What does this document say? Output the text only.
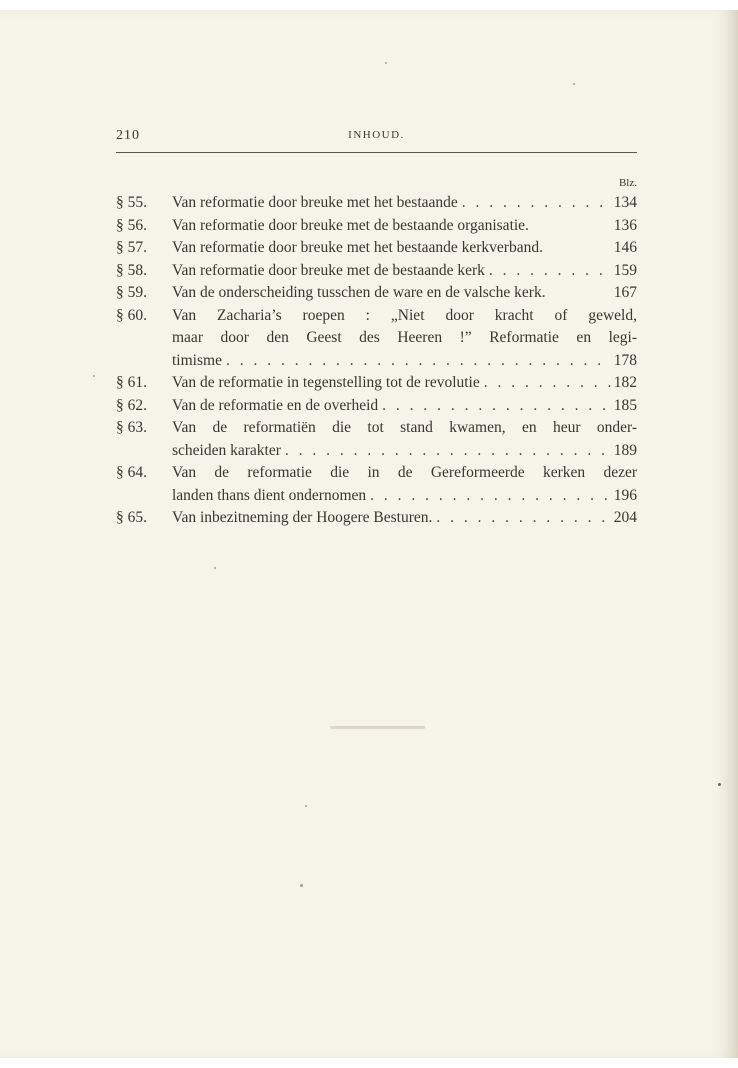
210	INHOUD.
Blz.
§ 55.	Van reformatie door breuke met het bestaande . . .	134
§ 56.	Van reformatie door breuke met de bestaande organisatie.	136
§ 57.	Van reformatie door breuke met het bestaande kerkverband.	146
§ 58.	Van reformatie door breuke met de bestaande kerk . . .	159
§ 59.	Van de onderscheiding tusschen de ware en de valsche kerk.	167
§ 60.	Van Zacharia’s roepen : „Niet door kracht of geweld,
maar door den Geest des Heeren !” Reformatie en legi-
timisme . . .	178
§ 61.	Van de reformatie in tegenstelling tot de revolutie . . .	182
§ 62.	Van de reformatie en de overheid . . .	185
§ 63.	Van de reformatiën die tot stand kwamen, en heur onder-
scheiden karakter . . .	189
§ 64.	Van de reformatie die in de Gereformeerde kerken dezer
landen thans dient ondernomen . . .	196
§ 65.	Van inbezitneming der Hoogere Besturen. . . .	204
